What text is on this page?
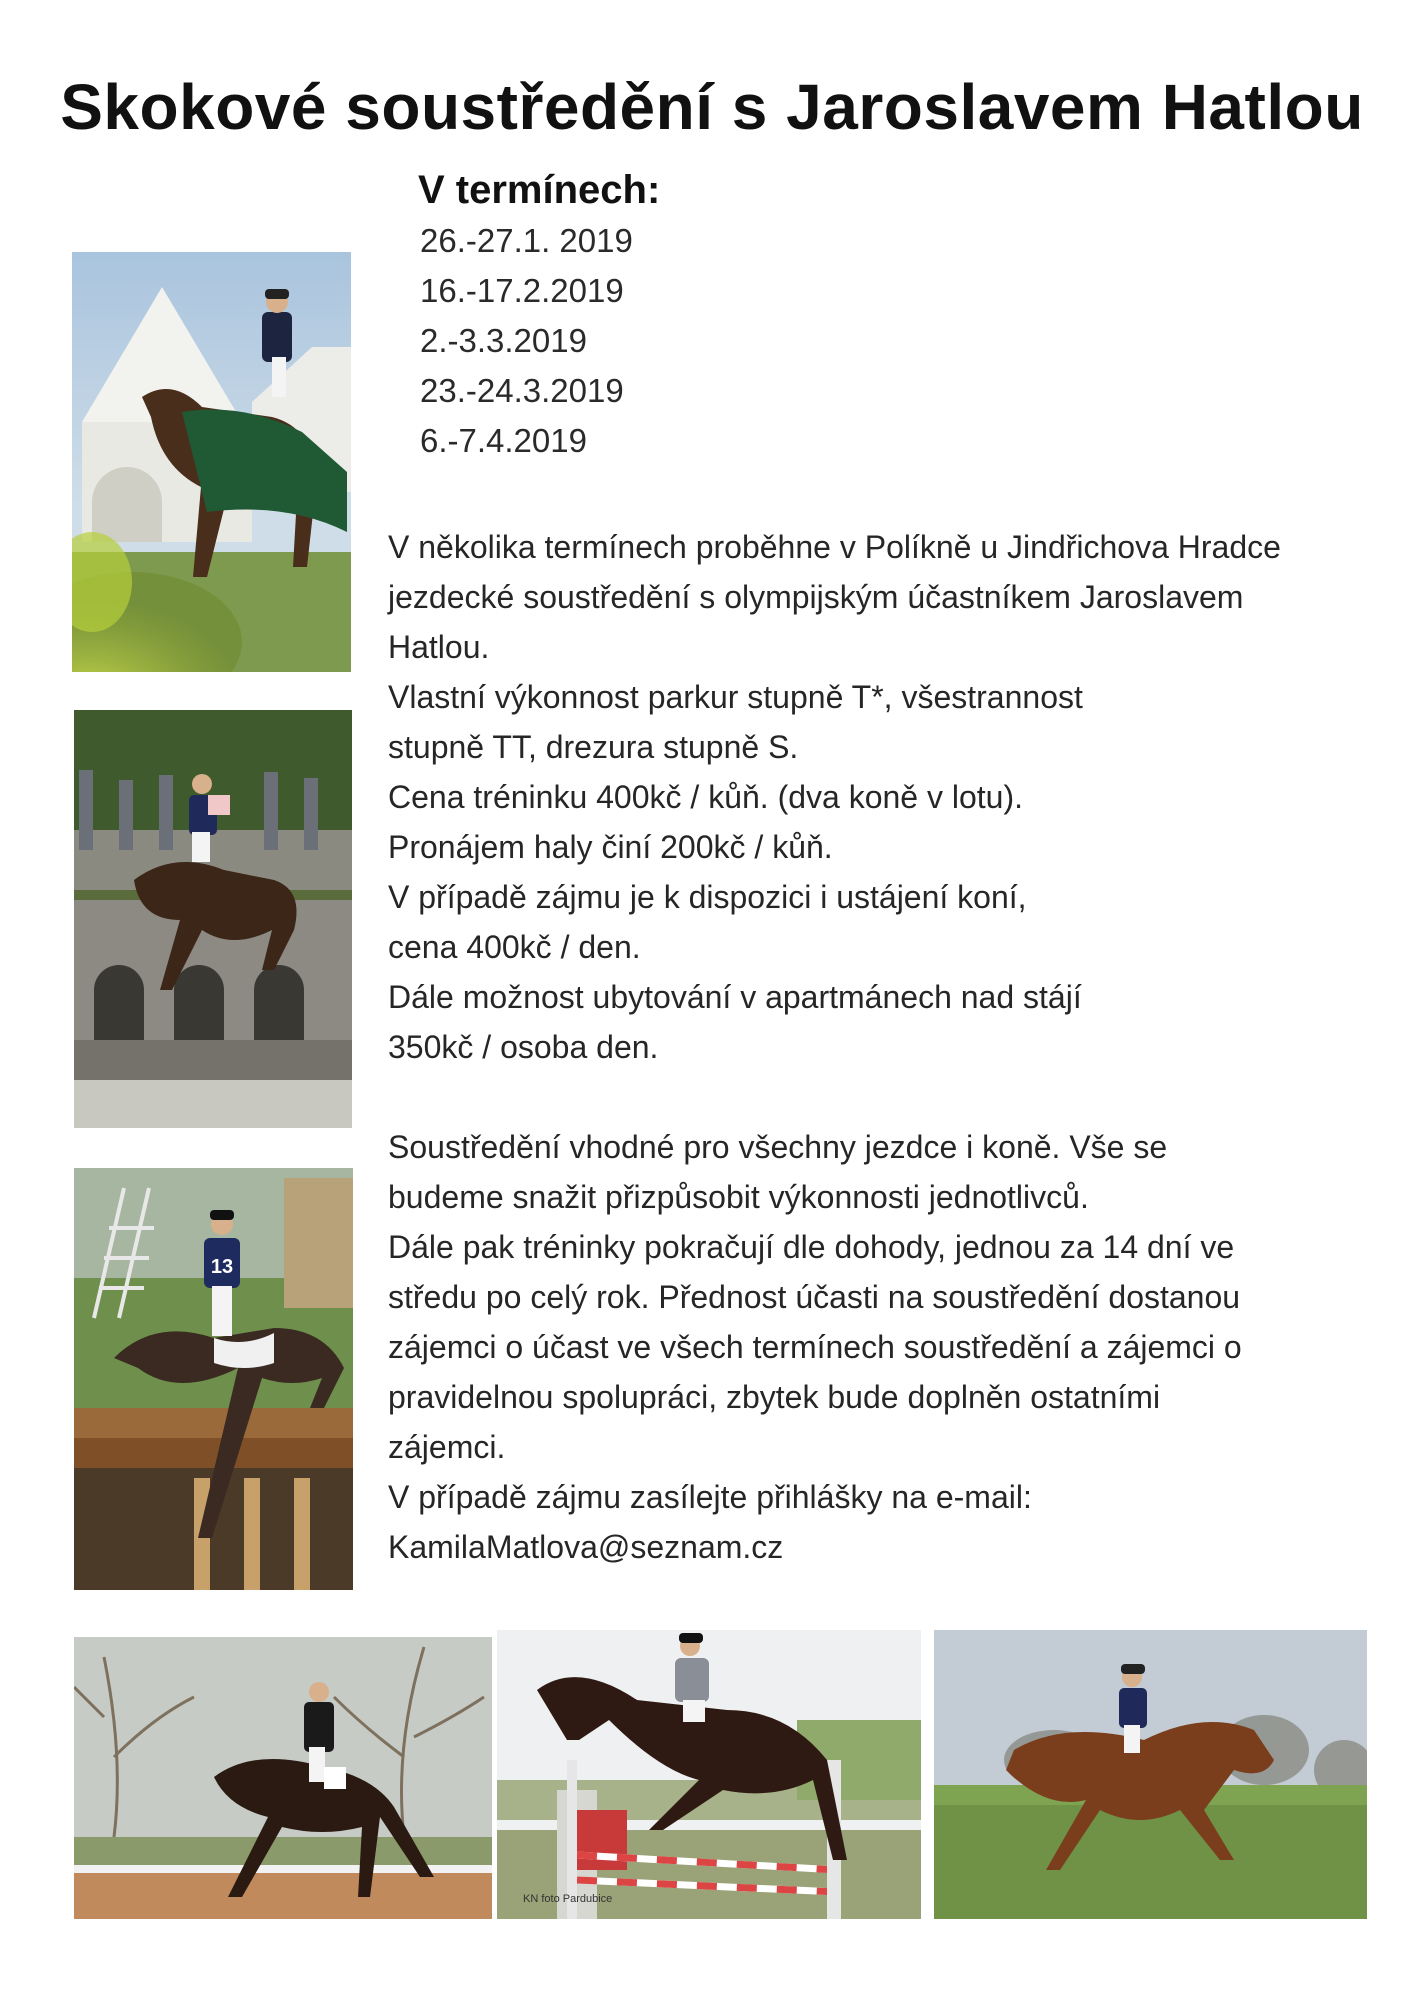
Skokové soustředění s Jaroslavem Hatlou
V termínech:
26.-27.1. 2019
16.-17.2.2019
2.-3.3.2019
23.-24.3.2019
6.-7.4.2019

V několika termínech proběhne v Políkně u Jindřichova Hradce
jezdecké soustředění s olympijským účastníkem Jaroslavem
Hatlou.
Vlastní výkonnost parkur stupně T*, všestrannost
stupně TT, drezura stupně S.
Cena tréninku 400kč / kůň. (dva koně v lotu).
Pronájem haly činí 200kč / kůň.
V případě zájmu je k dispozici i ustájení koní,
cena 400kč / den.
Dále možnost ubytování v apartmánech nad stájí
350kč / osoba den.

Soustředění vhodné pro všechny jezdce i koně. Vše se
budeme snažit přizpůsobit výkonnosti jednotlivců.
Dále pak tréninky pokračují dle dohody, jednou za 14 dní ve
středu po celý rok. Přednost účasti na soustředění dostanou
zájemci o účast ve všech termínech soustředění a zájemci o
pravidelnou spolupráci, zbytek bude doplněn ostatními
zájemci.
V případě zájmu zasílejte přihlášky na e-mail:
KamilaMatlova@seznam.cz

13
KN foto Pardubice
